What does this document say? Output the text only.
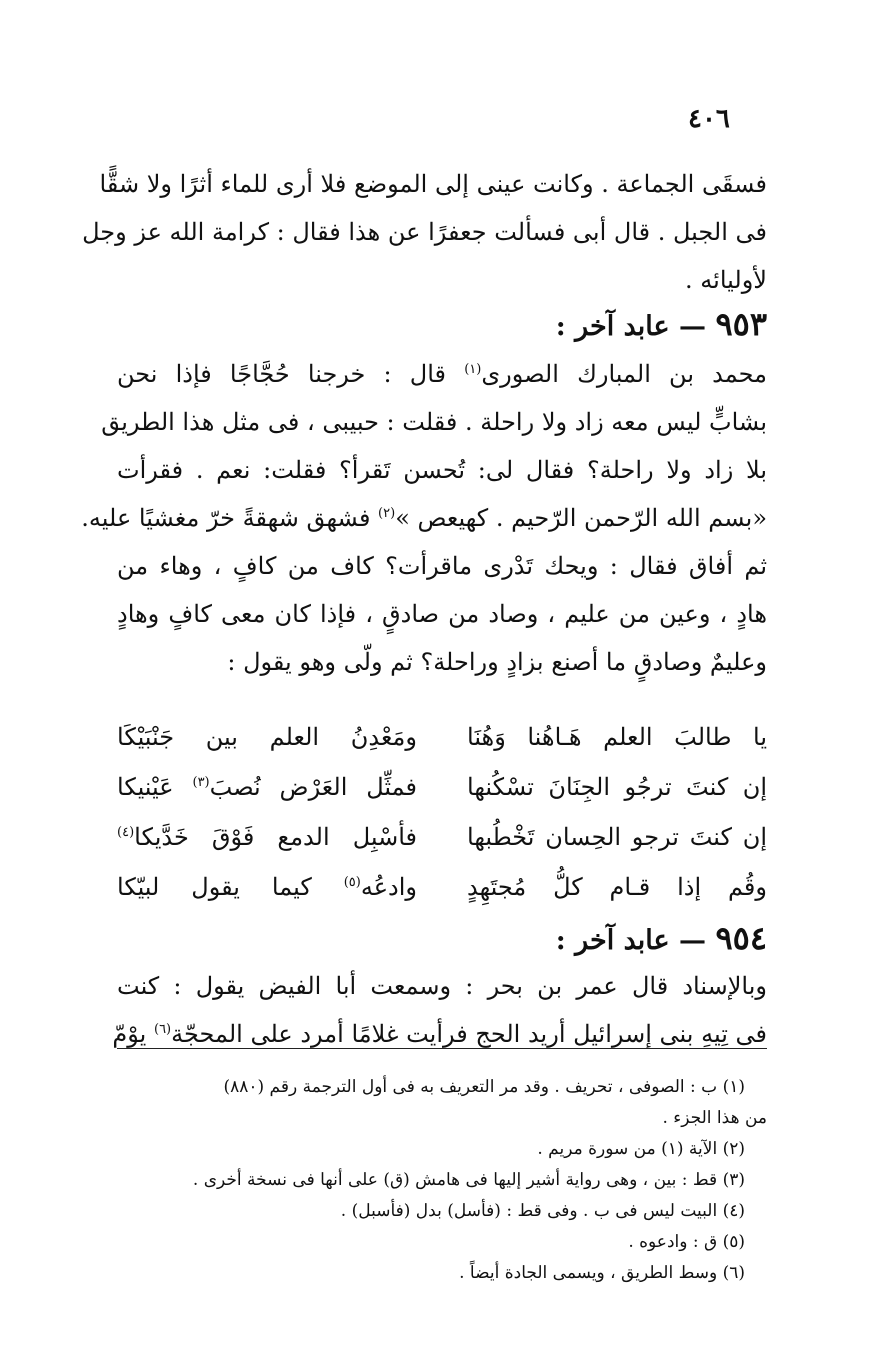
٤٠٦
فسقَى الجماعة . وكانت عينى إلى الموضع فلا أرى للماء أثرًا ولا شقًّا
فى الجبل . قال أبى فسألت جعفرًا عن هذا فقال : كرامة الله عز وجل
لأوليائه .
٩٥٣ — عابد آخر :
محمد بن المبارك الصورى$^{(١)}$ قال : خرجنا حُجَّاجًا فإذا نحن
بشابٍّ ليس معه زاد ولا راحلة . فقلت : حبيبى ، فى مثل هذا الطريق
بلا زاد ولا راحلة؟ فقال لى: تُحسن تَقرأ؟ فقلت: نعم . فقرأت
«بسم الله الرّحمن الرّحيم . كهيعص »$^{(٢)}$ فشهق شهقةً خرّ مغشيًا عليه.
ثم أفاق فقال : ويحك تَدْرى ماقرأت؟ كاف من كافٍ ، وهاء من
هادٍ ، وعين من عليم ، وصاد من صادقٍ ، فإذا كان معى كافٍ وهادٍ
وعليمٌ وصادقٍ ما أصنع بزادٍ وراحلة؟ ثم ولّى وهو يقول :
يا طالبَ العلم هَـاهُنا وَهُنَا
ومَعْدِنُ العلم بين جَنْبَيْكَا
إن كنتَ ترجُو الجِنَانَ تسْكُنها
فمثِّل العَرْض نُصبَ$^{(٣)}$ عَيْنيكا
إن كنتَ ترجو الحِسان تَخْطُبها
فأسْبِل الدمع فَوْقَ خَدَّيكا$^{(٤)}$
وقُم إذا قـام كلُّ مُجتَهِدٍ
وادعُه$^{(٥)}$ كيما يقول لبيّكا
٩٥٤ — عابد آخر :
وبالإسناد قال عمر بن بحر : وسمعت أبا الفيض يقول : كنت
فى تِيهِ بنى إسرائيل أريد الحج فرأيت غلامًا أمرد على المحجّة$^{(٦)}$ يوْمّ
(١) ب : الصوفى ، تحريف . وقد مر التعريف به فى أول الترجمة رقم (٨٨٠)
من هذا الجزء .
(٢) الآية (١) من سورة مريم .
(٣) قط : بين ، وهى رواية أشير إليها فى هامش (ق) على أنها فى نسخة أخرى .
(٤) البيت ليس فى ب . وفى قط : (فأسل) بدل (فأسبل) .
(٥) ق : وادعوه .
(٦) وسط الطريق ، ويسمى الجادة أيضاً .
